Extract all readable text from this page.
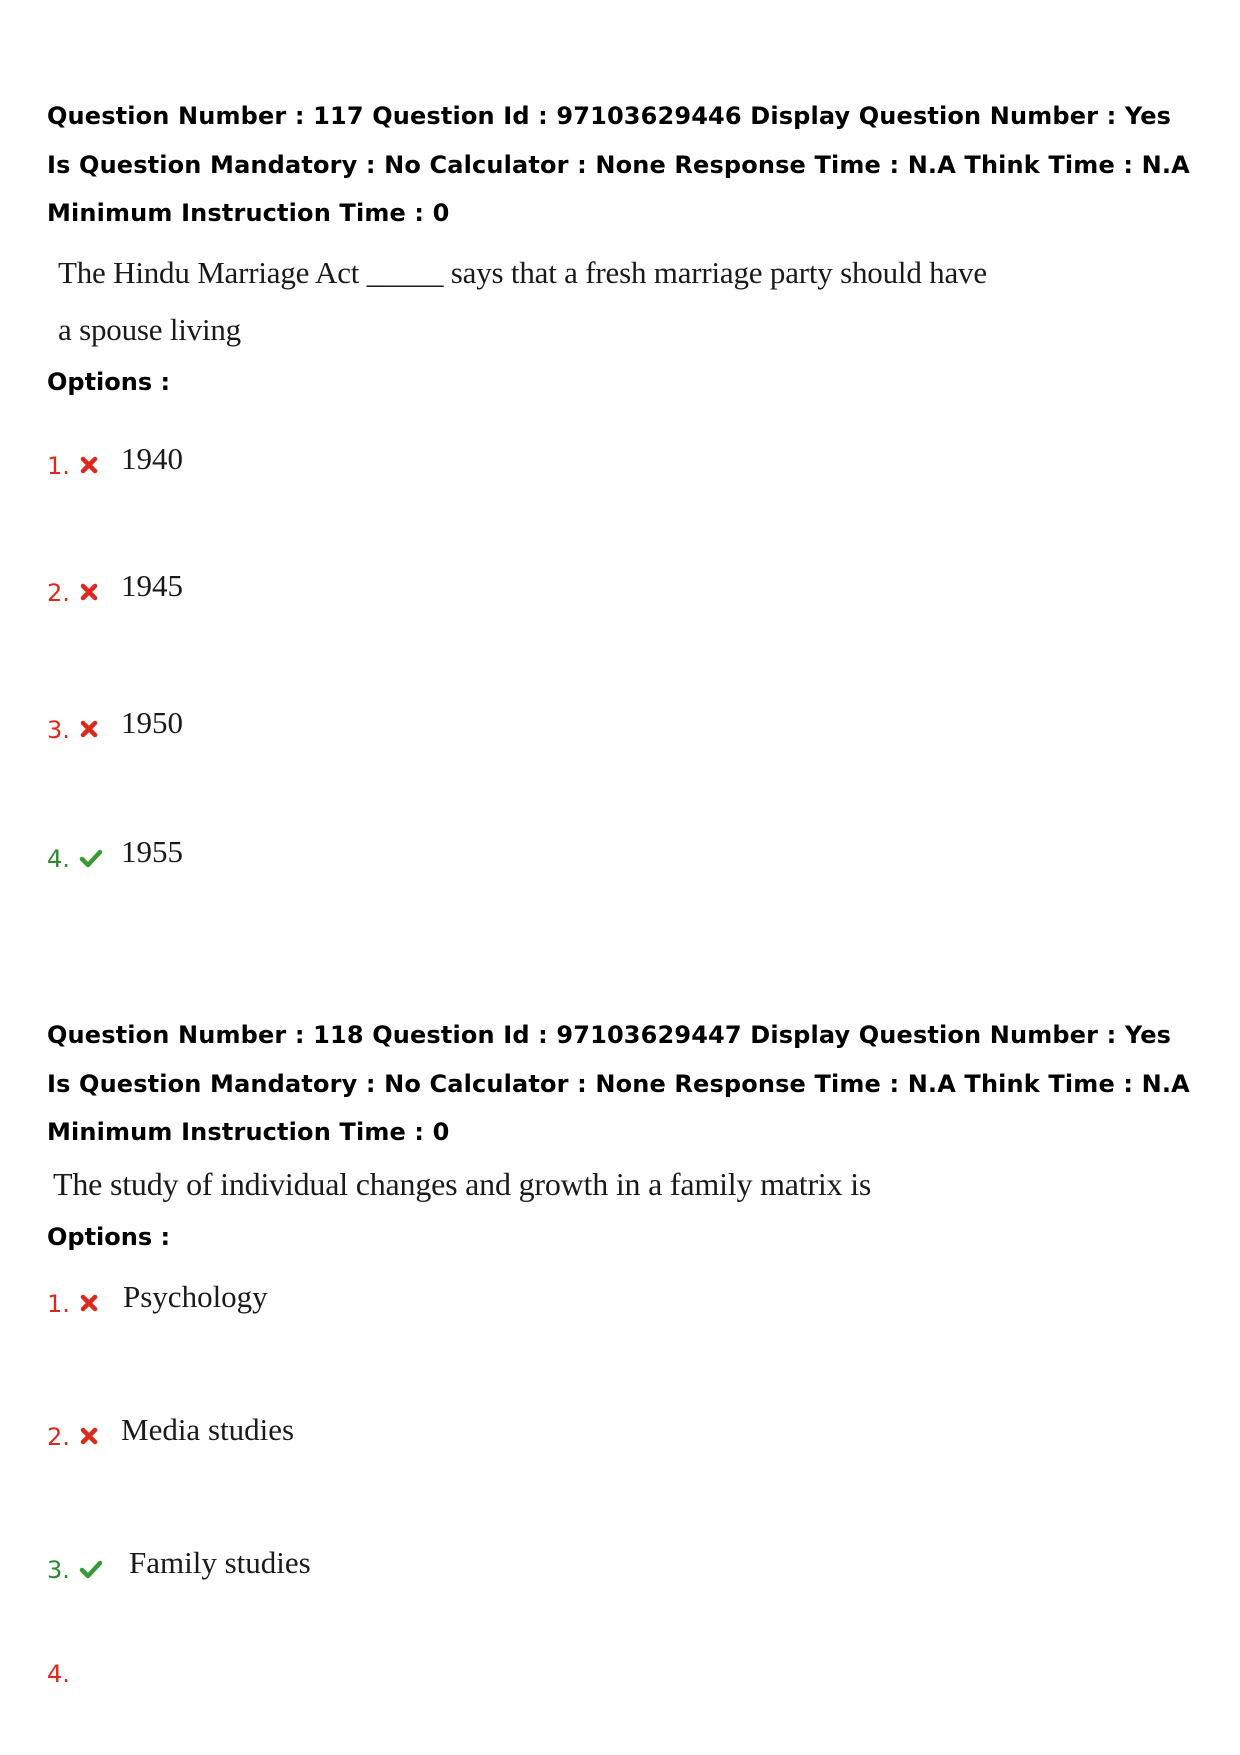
Question Number : 117 Question Id : 97103629446 Display Question Number : Yes Is Question Mandatory : No Calculator : None Response Time : N.A Think Time : N.A Minimum Instruction Time : 0

The Hindu Marriage Act _____ says that a fresh marriage party should have
a spouse living
Options :
1. 1940
2. 1945
3. 1950
4. 1955

Question Number : 118 Question Id : 97103629447 Display Question Number : Yes Is Question Mandatory : No Calculator : None Response Time : N.A Think Time : N.A Minimum Instruction Time : 0

The study of individual changes and growth in a family matrix is
Options :
1. Psychology
2. Media studies
3. Family studies
4.
